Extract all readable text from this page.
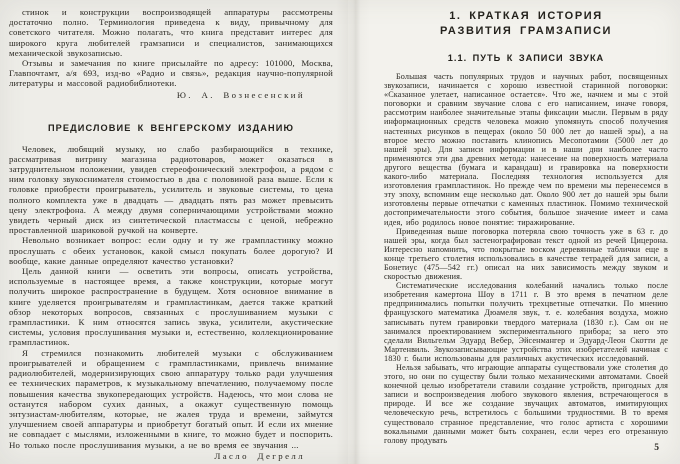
стинок и конструкции воспроизводящей аппаратуры рассмотрены достаточно полно. Терминология приведена к виду, привычному для советского читателя. Можно полагать, что книга представит интерес для широкого круга любителей грамзаписи и специалистов, занимающихся механической звукозаписью.

Отзывы и замечания по книге присылайте по адресу: 101000, Москва, Главпочтамт, а/я 693, изд-во «Радио и связь», редакция научно-популярной литературы и массовой радиобиблиотеки.

Ю. А. Вознесенский
ПРЕДИСЛОВИЕ К ВЕНГЕРСКОМУ ИЗДАНИЮ

Человек, любящий музыку, но слабо разбирающийся в технике, рассматривая витрину магазина радиотоваров, может оказаться в затруднительном положении, увидев стереофонический электрофон, а рядом с ним головку звукоснимателя стоимостью в два с половиной раза выше. Если к головке приобрести проигрыватель, усилитель и звуковые системы, то цена полного комплекта уже в двадцать — двадцать пять раз может превысить цену электрофона. А между двумя соперничающими устройствами можно увидеть черный диск из синтетической пластмассы с ценой, небрежно проставленной шариковой ручкой на конверте.

Невольно возникает вопрос: если одну и ту же грампластинку можно прослушать с обеих установок, какой смысл покупать более дорогую? И вообще, какие данные определяют качество установки?

Цель данной книги — осветить эти вопросы, описать устройства, используемые в настоящее время, а также конструкции, которые могут получить широкое распространение в будущем. Хотя основное внимание в книге уделяется проигрывателям и грампластинкам, дается также краткий обзор некоторых вопросов, связанных с прослушиванием музыки с грампластинки. К ним относятся запись звука, усилители, акустические системы, условия прослушивания музыки и, естественно, коллекционирование грампластинок.

Я стремился познакомить любителей музыки с обслуживанием проигрывателей и обращением с грампластинками, привлечь внимание радиолюбителей, модернизирующих свою аппаратуру только ради улучшения ее технических параметров, к музыкальному впечатлению, получаемому после повышения качества звукопередающих устройств. Надеюсь, что мои слова не останутся набором сухих данных, а окажут существенную помощь энтузиастам-любителям, которые, не жалея труда и времени, займутся улучшением своей аппаратуры и приобретут богатый опыт. И если их мнение не совпадает с мыслями, изложенными в книге, то можно будет и поспорить. Но только после прослушивания музыки, а не во время ее звучания ...

Ласло Дегрелл
1. КРАТКАЯ ИСТОРИЯ
РАЗВИТИЯ ГРАМЗАПИСИ
1.1. ПУТЬ К ЗАПИСИ ЗВУКА

Большая часть популярных трудов и научных работ, посвященных звукозаписи, начинается с хорошо известной старинной поговорки: «Сказанное улетает, написанное остается». Что же, начнем и мы с этой поговорки и сравним звучание слова с его написанием, иначе говоря, рассмотрим наиболее значительные этапы фиксации мысли. Первым в ряду информационных средств человека можно упомянуть способ получения настенных рисунков в пещерах (около 50 000 лет до нашей эры), а на второе место можно поставить клинопись Месопотамии (5000 лет до нашей эры). Для записи информации и в наши дни наиболее часто применяются эти два древних метода: нанесение на поверхность материала другого вещества (бумага и карандаш) и гравировка на поверхности какого-либо материала. Последняя технология используется для изготовления грампластинок. Но прежде чем по времени мы перенесемся в эту эпоху, вспомним еще несколько дат. Около 900 лет до нашей эры были изготовлены первые отпечатки с каменных пластинок. Помимо технической достопримечательности этого события, большое значение имеет и сама идея, ибо родилось новое понятие: тиражирование.

Приведенная выше поговорка потеряла свою точность уже в 63 г. до нашей эры, когда был застенографирован текст одной из речей Цицерона. Интересно напомнить, что покрытые воском деревянные таблички еще в конце третьего столетия использовались в качестве тетрадей для записи, а Бонетиус (475—542 гг.) описал на них зависимость между звуком и скоростью движения.

Систематические исследования колебаний начались только после изобретения камертона Шоу в 1711 г. В это время в печатном деле предпринимались попытки получить трехцветные отпечатки. По мнению французского математика Дюамеля звук, т. е. колебания воздуха, можно записывать путем гравировки твердого материала (1830 г.). Сам он не занимался проектированием экспериментального прибора; за него это сделали Вильгельм Эдуард Вебер, Эйсенмангер и Эдуард-Леон Скотти де Мартенвиль. Звукозаписывающие устройства этих изобретателей начиная с 1830 г. были использованы для различных акустических исследований.

Нельзя забывать, что играющие аппараты существовали уже столетия до этого, но они по существу были только механическими автоматами. Своей конечной целью изобретатели ставили создание устройств, пригодных для записи и воспроизведения любого звукового явления, встречающегося в природе. И все же создание звучащих автоматов, имитирующих человеческую речь, встретилось с большими трудностями. В то время существовало странное представление, что голос артиста с хорошими вокальными данными может быть сохранен, если через его отрезанную голову продувать

5
